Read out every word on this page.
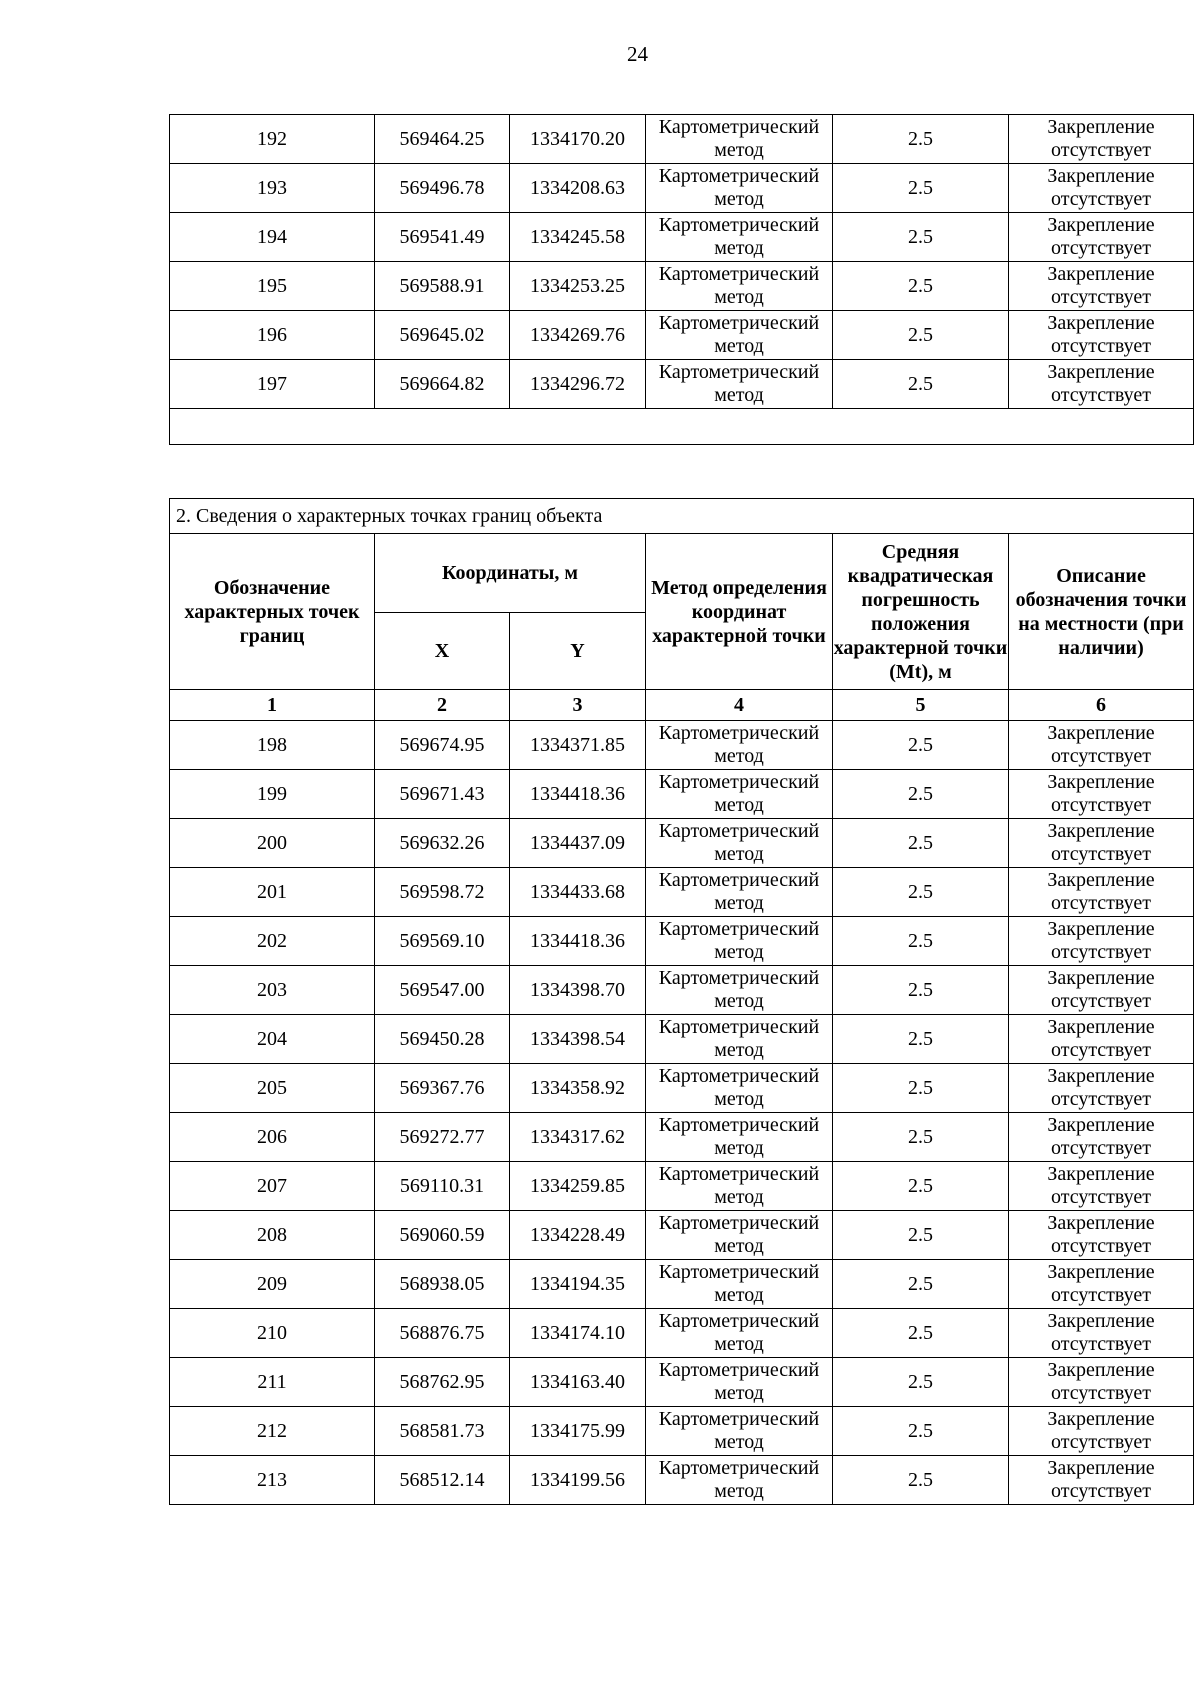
24
192	569464.25	1334170.20	Картометрический метод	2.5	Закрепление отсутствует
193	569496.78	1334208.63	Картометрический метод	2.5	Закрепление отсутствует
194	569541.49	1334245.58	Картометрический метод	2.5	Закрепление отсутствует
195	569588.91	1334253.25	Картометрический метод	2.5	Закрепление отсутствует
196	569645.02	1334269.76	Картометрический метод	2.5	Закрепление отсутствует
197	569664.82	1334296.72	Картометрический метод	2.5	Закрепление отсутствует

2. Сведения о характерных точках границ объекта					
Обозначение характерных точек границ	Координаты, м		Метод определения координат характерной точки	Средняя квадратическая погрешность положения характерной точки (Mt), м	Описание обозначения точки на местности (при наличии)
	X	Y			
1	2	3	4	5	6
198	569674.95	1334371.85	Картометрический метод	2.5	Закрепление отсутствует
199	569671.43	1334418.36	Картометрический метод	2.5	Закрепление отсутствует
200	569632.26	1334437.09	Картометрический метод	2.5	Закрепление отсутствует
201	569598.72	1334433.68	Картометрический метод	2.5	Закрепление отсутствует
202	569569.10	1334418.36	Картометрический метод	2.5	Закрепление отсутствует
203	569547.00	1334398.70	Картометрический метод	2.5	Закрепление отсутствует
204	569450.28	1334398.54	Картометрический метод	2.5	Закрепление отсутствует
205	569367.76	1334358.92	Картометрический метод	2.5	Закрепление отсутствует
206	569272.77	1334317.62	Картометрический метод	2.5	Закрепление отсутствует
207	569110.31	1334259.85	Картометрический метод	2.5	Закрепление отсутствует
208	569060.59	1334228.49	Картометрический метод	2.5	Закрепление отсутствует
209	568938.05	1334194.35	Картометрический метод	2.5	Закрепление отсутствует
210	568876.75	1334174.10	Картометрический метод	2.5	Закрепление отсутствует
211	568762.95	1334163.40	Картометрический метод	2.5	Закрепление отсутствует
212	568581.73	1334175.99	Картометрический метод	2.5	Закрепление отсутствует
213	568512.14	1334199.56	Картометрический метод	2.5	Закрепление отсутствует
